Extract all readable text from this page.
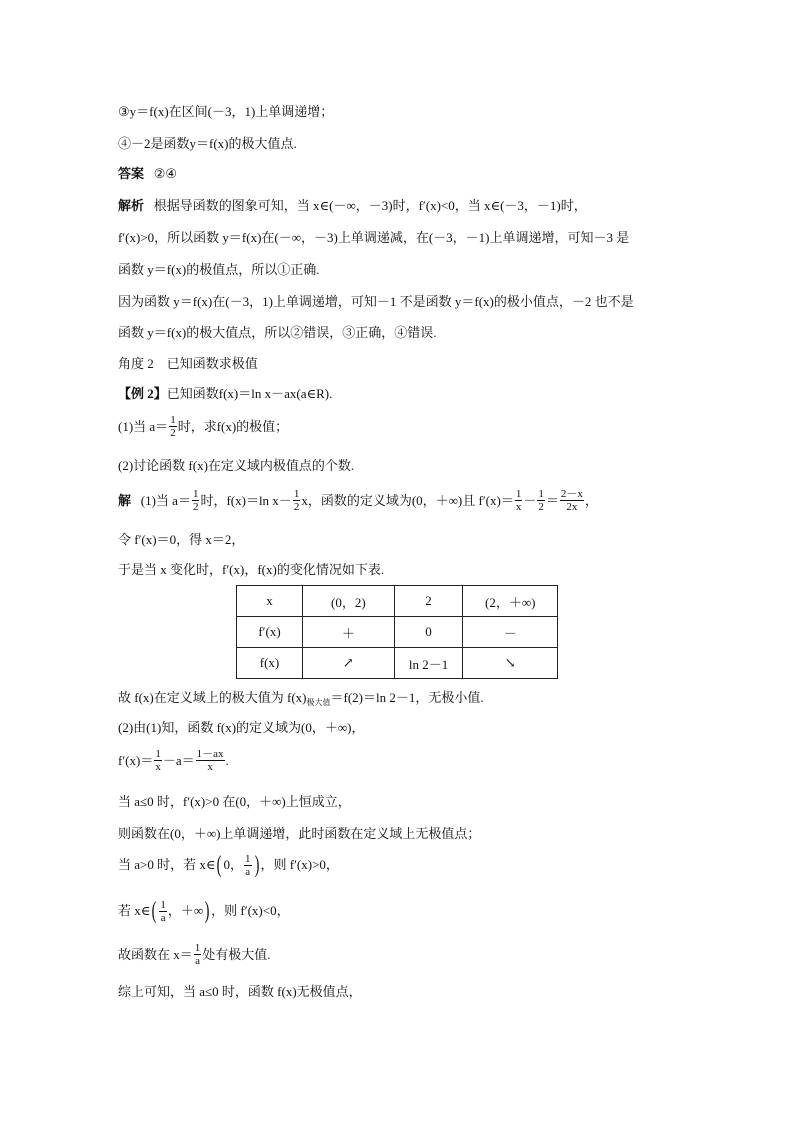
③y＝f(x)在区间(－3，1)上单调递增；
④－2是函数y＝f(x)的极大值点.
答案 ②④
解析 根据导函数的图象可知，当 x∈(－∞，－3)时，f′(x)<0，当 x∈(－3，－1)时，
f′(x)>0，所以函数 y＝f(x)在(－∞，－3)上单调递减，在(－3，－1)上单调递增，可知－3 是
函数 y＝f(x)的极值点，所以①正确.
因为函数 y＝f(x)在(－3，1)上单调递增，可知－1 不是函数 y＝f(x)的极小值点，－2 也不是
函数 y＝f(x)的极大值点，所以②错误，③正确，④错误.
角度 2　已知函数求极值
【例 2】已知函数f(x)＝ln x－ax(a∈R).
(1)当 $a= \frac{1}{2}$ 时，求f(x)的极值；
(2)讨论函数 f(x)在定义域内极值点的个数.
解 (1)当 $a= \frac{1}{2}$ 时，f(x)＝ln $x- \frac{1}{2}$ x，函数的定义域为(0，＋∞)且 $f'(x)= \frac{1}{x} - \frac{1}{2} = \frac{2-x}{2x}$ ，
令 f′(x)＝0，得 x＝2，
于是当 x 变化时，f′(x)，f(x)的变化情况如下表.
x	(0，2)	2	(2，＋∞)
f′(x)	＋	0	－
f(x)	↗	ln 2－1	↘
故 f(x)在定义域上的极大值为 $f(x)_{极大值}=f(2)=\ln$ 2－1，无极小值.
(2)由(1)知，函数 f(x)的定义域为(0，＋∞)，
$f'(x)= \frac{1}{x} -a= \frac{1-ax}{x}$ .
当 a≤0 时，f′(x)>0 在(0，＋∞)上恒成立，
则函数在(0，＋∞)上单调递增，此时函数在定义域上无极值点；
当 a>0 时，若 x∈( 0， $\frac{1}{a}$ ) ，则 f′(x)>0，
若 x∈( $\frac{1}{a}$ ，＋∞) ，则 f′(x)<0，
故函数在 $x= \frac{1}{a}$ 处有极大值.
综上可知，当 a≤0 时，函数 f(x)无极值点，
